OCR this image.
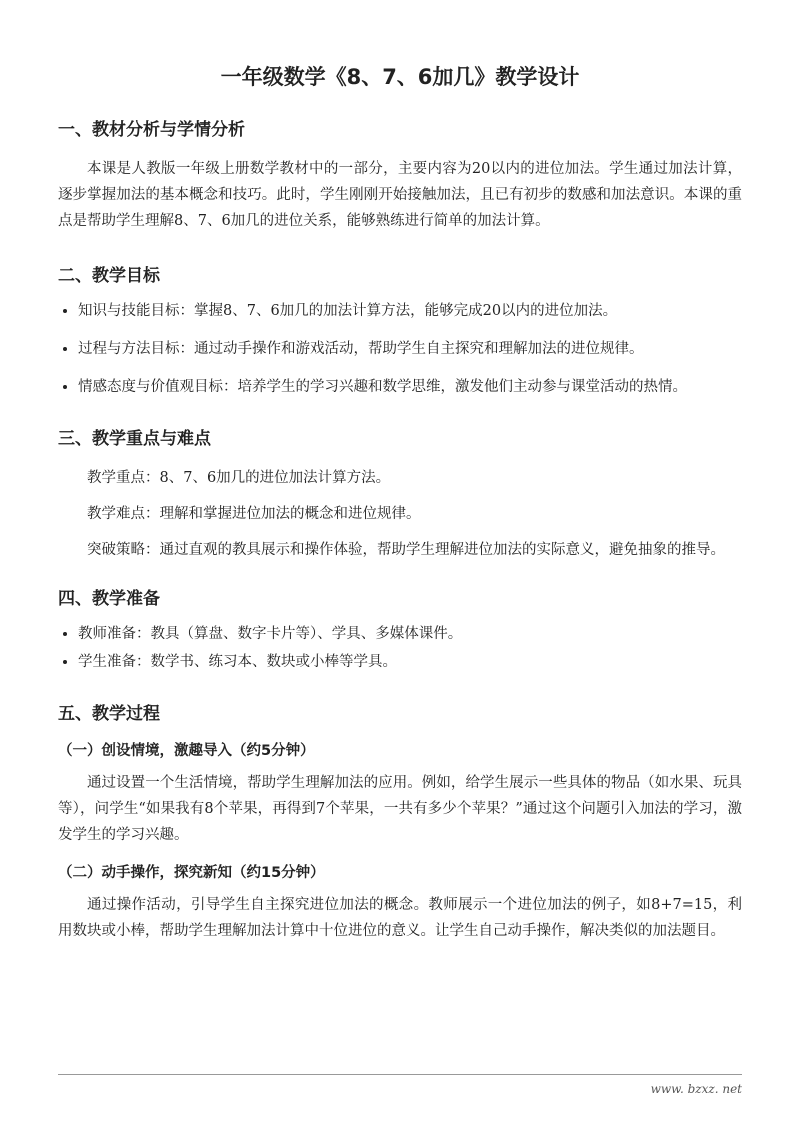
bzxz.net
一年级数学《8、7、6加几》教学设计
一、教材分析与学情分析

本课是人教版一年级上册数学教材中的一部分，主要内容为20以内的进位加法。学生通过加法计算，逐步掌握加法的基本概念和技巧。此时，学生刚刚开始接触加法，且已有初步的数感和加法意识。本课的重点是帮助学生理解8、7、6加几的进位关系，能够熟练进行简单的加法计算。

二、教学目标
• 知识与技能目标：掌握8、7、6加几的加法计算方法，能够完成20以内的进位加法。
• 过程与方法目标：通过动手操作和游戏活动，帮助学生自主探究和理解加法的进位规律。
• 情感态度与价值观目标：培养学生的学习兴趣和数学思维，激发他们主动参与课堂活动的热情。
三、教学重点与难点

教学重点：8、7、6加几的进位加法计算方法。

教学难点：理解和掌握进位加法的概念和进位规律。

突破策略：通过直观的教具展示和操作体验，帮助学生理解进位加法的实际意义，避免抽象的推导。

四、教学准备
• 教师准备：教具（算盘、数字卡片等）、学具、多媒体课件。
• 学生准备：数学书、练习本、数块或小棒等学具。
五、教学过程
（一）创设情境，激趣导入（约5分钟）

通过设置一个生活情境，帮助学生理解加法的应用。例如，给学生展示一些具体的物品（如水果、玩具等），问学生“如果我有8个苹果，再得到7个苹果，一共有多少个苹果？”通过这个问题引入加法的学习，激发学生的学习兴趣。

（二）动手操作，探究新知（约15分钟）

通过操作活动，引导学生自主探究进位加法的概念。教师展示一个进位加法的例子，如8+7=15，利用数块或小棒，帮助学生理解加法计算中十位进位的意义。让学生自己动手操作，解决类似的加法题目。

www. bzxz. net
